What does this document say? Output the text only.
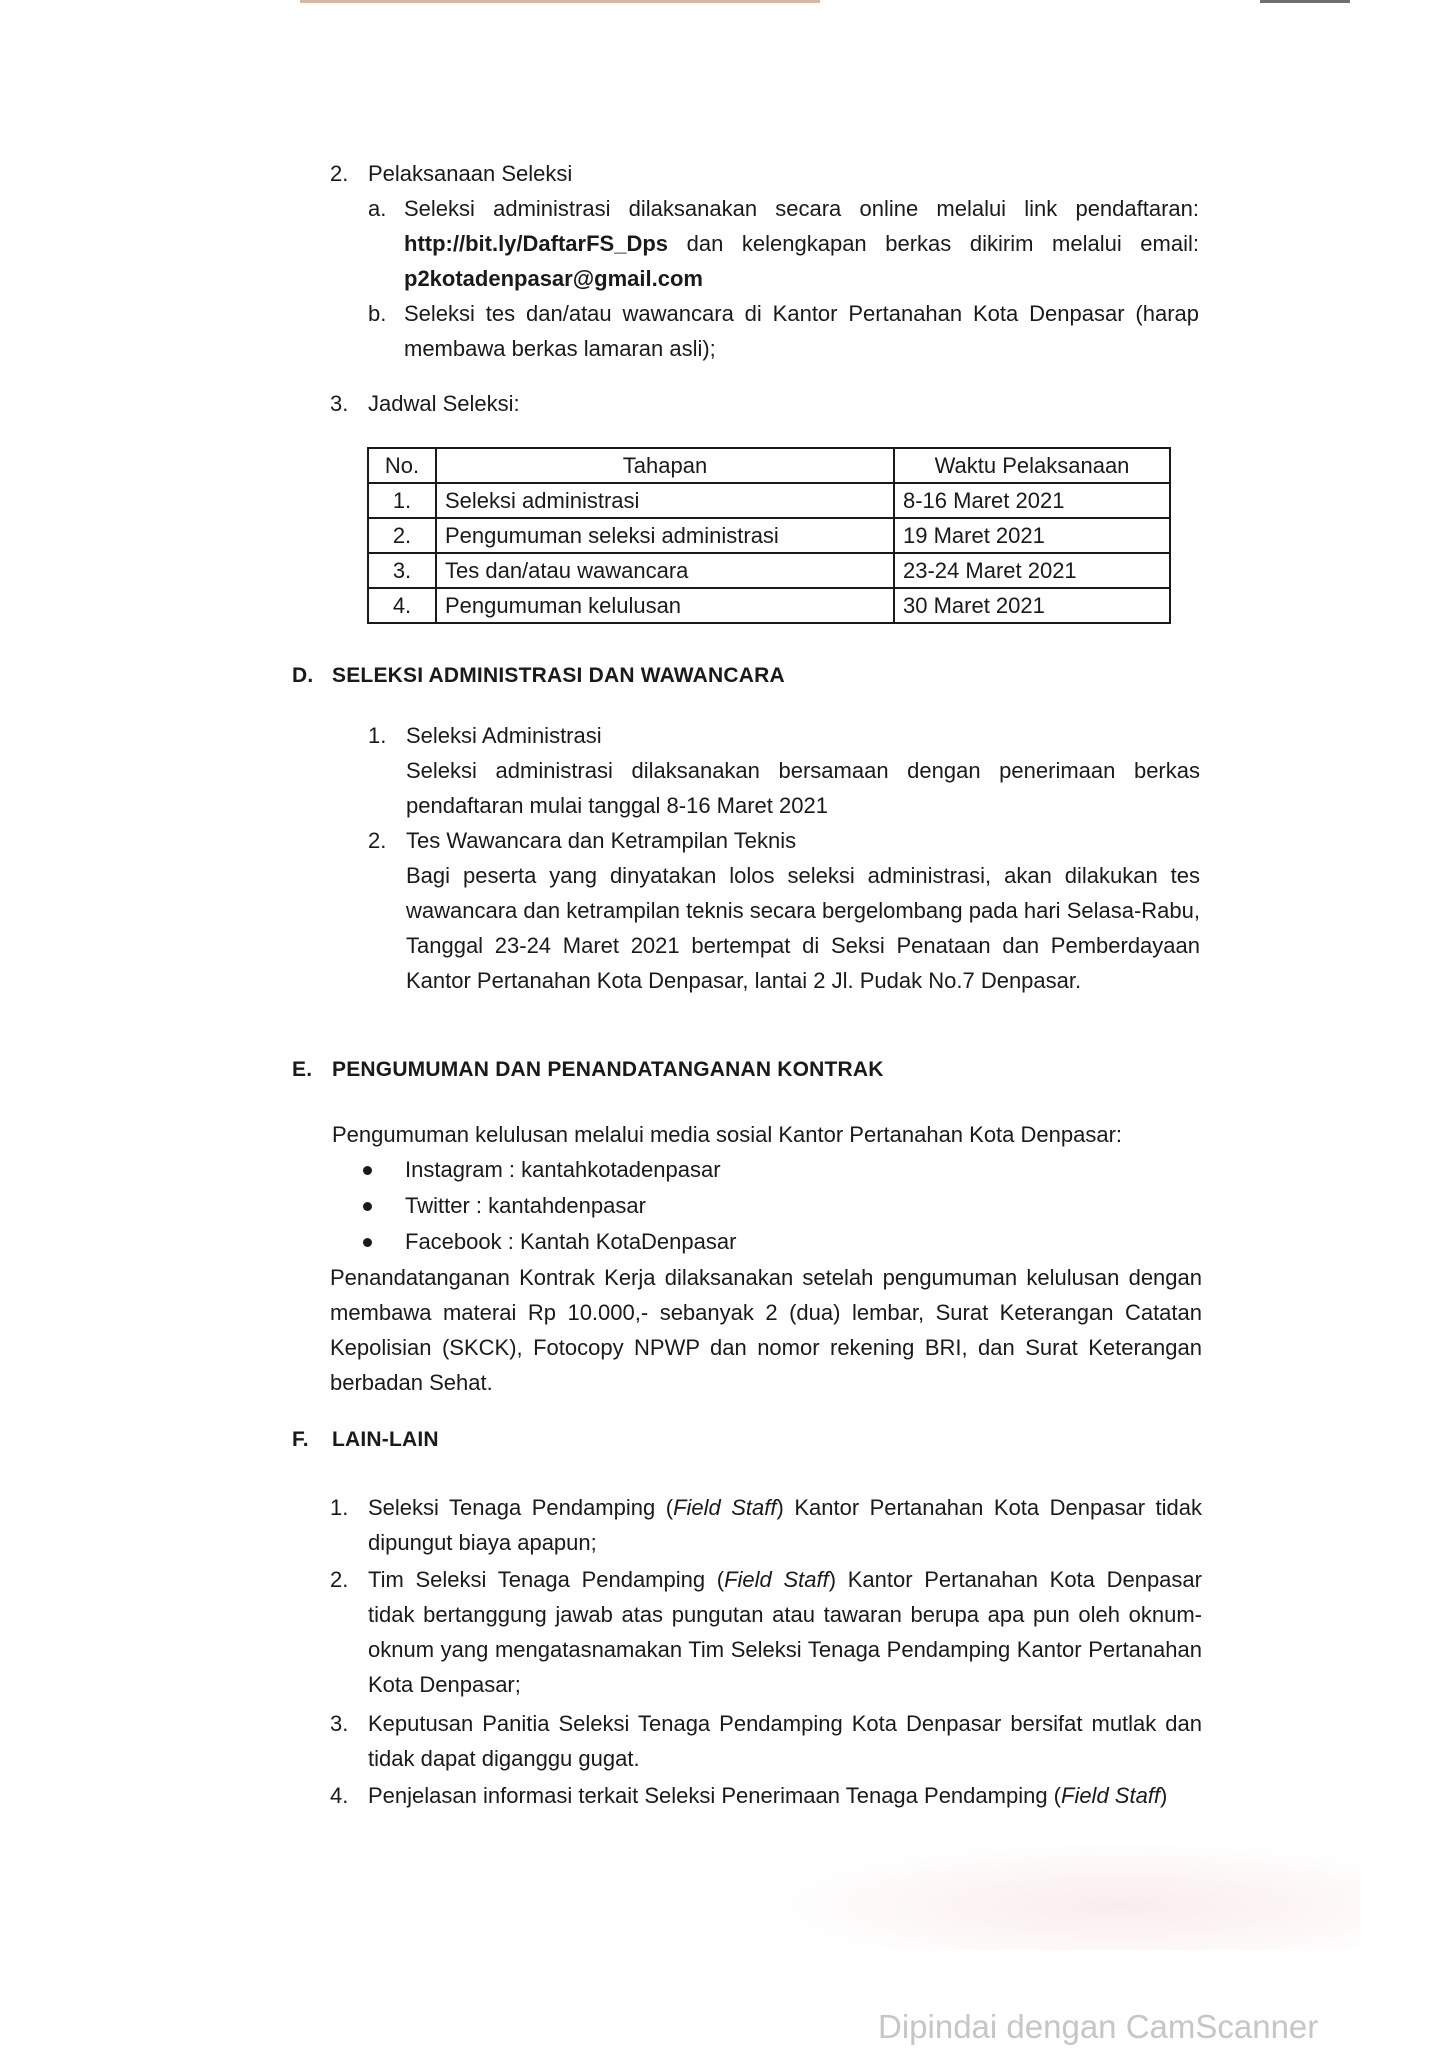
2. Pelaksanaan Seleksi
a. Seleksi administrasi dilaksanakan secara online melalui link pendaftaran: http://bit.ly/DaftarFS_Dps dan kelengkapan berkas dikirim melalui email: p2kotadenpasar@gmail.com
b. Seleksi tes dan/atau wawancara di Kantor Pertanahan Kota Denpasar (harap membawa berkas lamaran asli);
3. Jadwal Seleksi:
No.	Tahapan	Waktu Pelaksanaan
1.	Seleksi administrasi	8-16 Maret 2021
2.	Pengumuman seleksi administrasi	19 Maret 2021
3.	Tes dan/atau wawancara	23-24 Maret 2021
4.	Pengumuman kelulusan	30 Maret 2021
D. SELEKSI ADMINISTRASI DAN WAWANCARA
1. Seleksi Administrasi
Seleksi administrasi dilaksanakan bersamaan dengan penerimaan berkas pendaftaran mulai tanggal 8-16 Maret 2021
2. Tes Wawancara dan Ketrampilan Teknis
Bagi peserta yang dinyatakan lolos seleksi administrasi, akan dilakukan tes wawancara dan ketrampilan teknis secara bergelombang pada hari Selasa-Rabu, Tanggal 23-24 Maret 2021 bertempat di Seksi Penataan dan Pemberdayaan Kantor Pertanahan Kota Denpasar, lantai 2 Jl. Pudak No.7 Denpasar.
E. PENGUMUMAN DAN PENANDATANGANAN KONTRAK
Pengumuman kelulusan melalui media sosial Kantor Pertanahan Kota Denpasar:
Instagram : kantahkotadenpasar
Twitter : kantahdenpasar
Facebook : Kantah KotaDenpasar
Penandatanganan Kontrak Kerja dilaksanakan setelah pengumuman kelulusan dengan membawa materai Rp 10.000,- sebanyak 2 (dua) lembar, Surat Keterangan Catatan Kepolisian (SKCK), Fotocopy NPWP dan nomor rekening BRI, dan Surat Keterangan berbadan Sehat.
F. LAIN-LAIN
1. Seleksi Tenaga Pendamping (Field Staff) Kantor Pertanahan Kota Denpasar tidak dipungut biaya apapun;
2. Tim Seleksi Tenaga Pendamping (Field Staff) Kantor Pertanahan Kota Denpasar tidak bertanggung jawab atas pungutan atau tawaran berupa apa pun oleh oknum-oknum yang mengatasnamakan Tim Seleksi Tenaga Pendamping Kantor Pertanahan Kota Denpasar;
3. Keputusan Panitia Seleksi Tenaga Pendamping Kota Denpasar bersifat mutlak dan tidak dapat diganggu gugat.
4. Penjelasan informasi terkait Seleksi Penerimaan Tenaga Pendamping (Field Staff)
Dipindai dengan CamScanner
